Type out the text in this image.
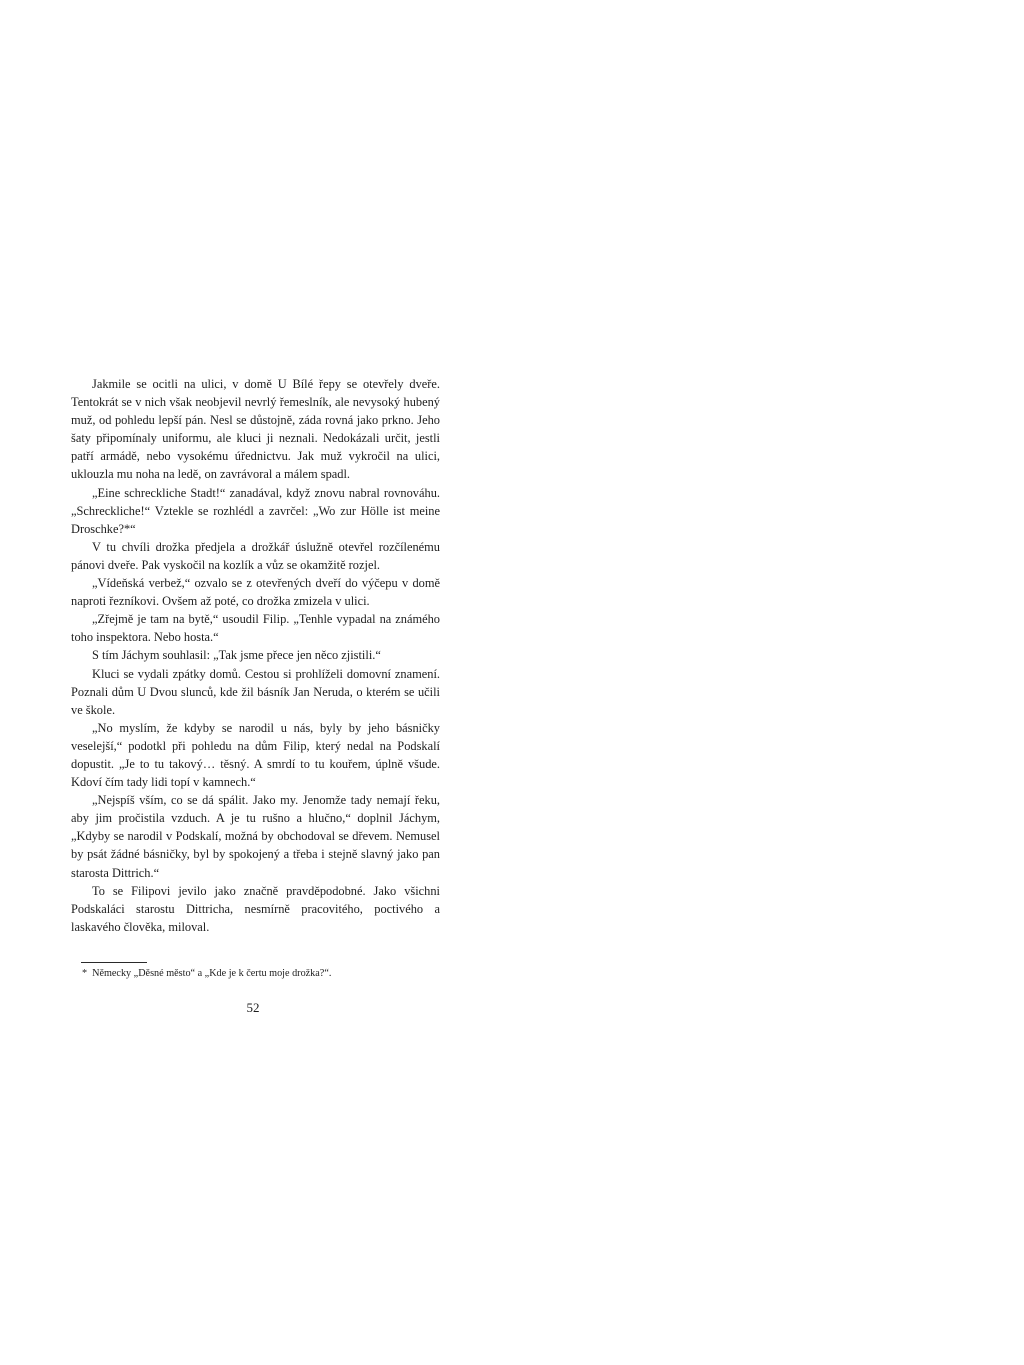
Jakmile se ocitli na ulici, v domě U Bílé řepy se otevřely dveře. Tentokrát se v nich však neobjevil nevrlý řemeslník, ale nevysoký hubený muž, od pohledu lepší pán. Nesl se důstojně, záda rovná jako prkno. Jeho šaty připomínaly uniformu, ale kluci ji neznali. Nedokázali určit, jestli patří armádě, nebo vysokému úřednictvu. Jak muž vykročil na ulici, uklouzla mu noha na ledě, on zavrávoral a málem spadl.

„Eine schreckliche Stadt!“ zanadával, když znovu nabral rovnováhu. „Schreckliche!“ Vztekle se rozhlédl a zavrčel: „Wo zur Hölle ist meine Droschke?*“

V tu chvíli drožka předjela a drožkář úslužně otevřel rozčílenému pánovi dveře. Pak vyskočil na kozlík a vůz se okamžitě rozjel.

„Vídeňská verbež,“ ozvalo se z otevřených dveří do výčepu v domě naproti řezníkovi. Ovšem až poté, co drožka zmizela v ulici.

„Zřejmě je tam na bytě,“ usoudil Filip. „Tenhle vypadal na známého toho inspektora. Nebo hosta.“

S tím Jáchym souhlasil: „Tak jsme přece jen něco zjistili.“

Kluci se vydali zpátky domů. Cestou si prohlíželi domovní znamení. Poznali dům U Dvou slunců, kde žil básník Jan Neruda, o kterém se učili ve škole.

„No myslím, že kdyby se narodil u nás, byly by jeho básničky veselejší,“ podotkl při pohledu na dům Filip, který nedal na Podskalí dopustit. „Je to tu takový… těsný. A smrdí to tu kouřem, úplně všude. Kdoví čím tady lidi topí v kamnech.“

„Nejspíš vším, co se dá spálit. Jako my. Jenomže tady nemají řeku, aby jim pročistila vzduch. A je tu rušno a hlučno,“ doplnil Jáchym, „Kdyby se narodil v Podskalí, možná by obchodoval se dřevem. Nemusel by psát žádné básničky, byl by spokojený a třeba i stejně slavný jako pan starosta Dittrich.“

To se Filipovi jevilo jako značně pravděpodobné. Jako všichni Podskaláci starostu Dittricha, nesmírně pracovitého, poctivého a laskavého člověka, miloval.

* Německy „Děsné město“ a „Kde je k čertu moje drožka?“.
52
